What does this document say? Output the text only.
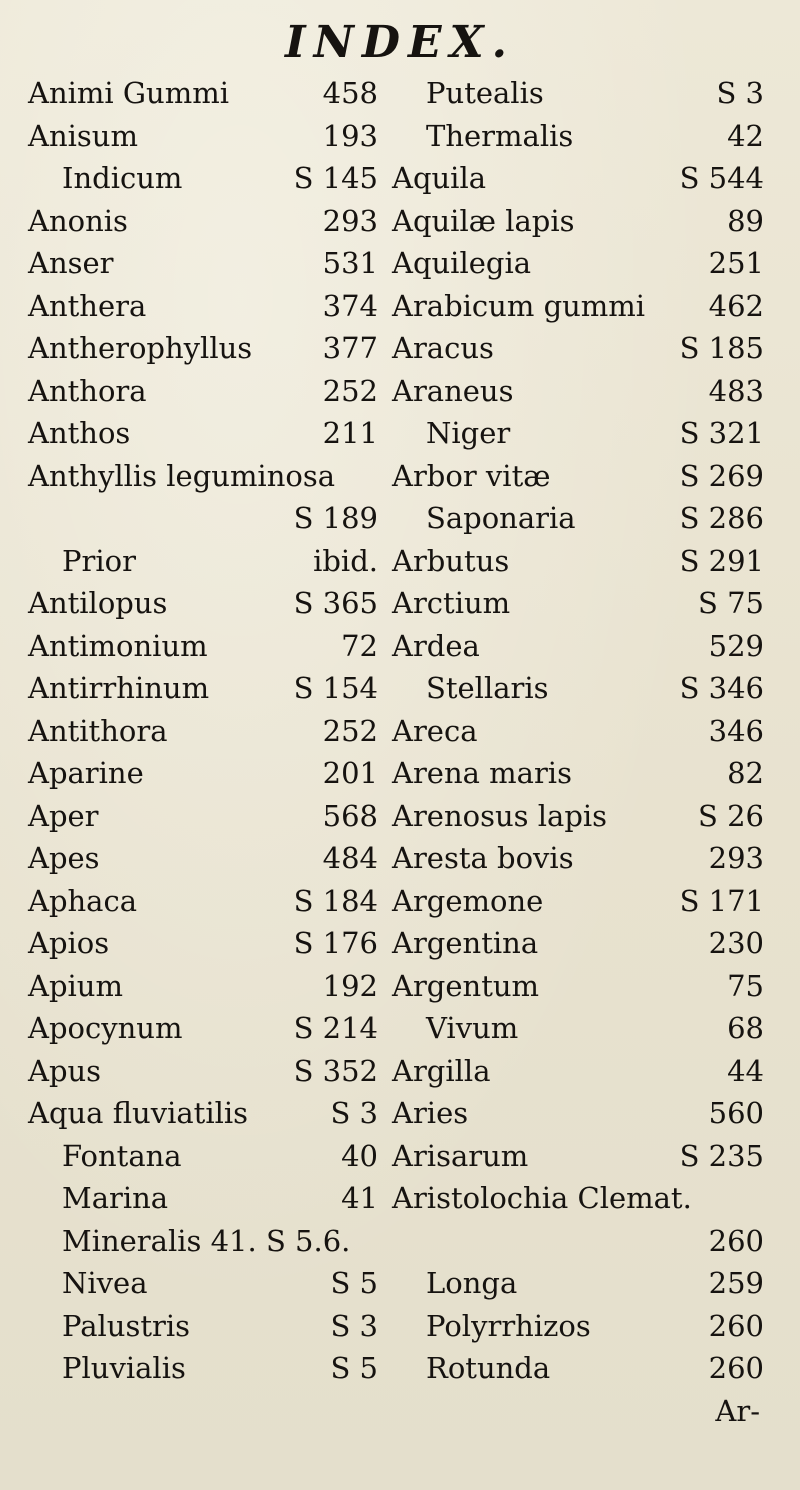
INDEX.
Animi Gummi	458
Anisum	193
Indicum	S 145
Anonis	293
Anser	531
Anthera	374
Antherophyllus 377
Anthora	252
Anthos	211
Anthyllis leguminosa
S 189
Prior	ibid.
Antilopus	S 365
Antimonium	72
Antirrhinum	S 154
Antithora	252
Aparine	201
Aper	568
Apes	484
Aphaca	S 184
Apios	S 176
Apium	192
Apocynum	S 214
Apus	S 352
Aqua fluviatilis	S 3
Fontana	40
Marina	41
Mineralis 41. S 5.6.
Nivea	S 5
Palustris	S 3
Pluvialis	S 5
Putealis	S 3
Thermalis	42
Aquila	S 544
Aquilæ lapis	89
Aquilegia	251
Arabicum gummi 462
Aracus	S 185
Araneus	483
Niger	S 321
Arbor vitæ	S 269
Saponaria	S 286
Arbutus	S 291
Arctium	S 75
Ardea	529
Stellaris	S 346
Areca	346
Arena maris	82
Arenosus lapis	S 26
Aresta bovis	293
Argemone	S 171
Argentina	230
Argentum	75
Vivum	68
Argilla	44
Aries	560
Arisarum	S 235
Aristolochia Clemat.
260
Longa	259
Polyrrhizos	260
Rotunda	260
Ar-
